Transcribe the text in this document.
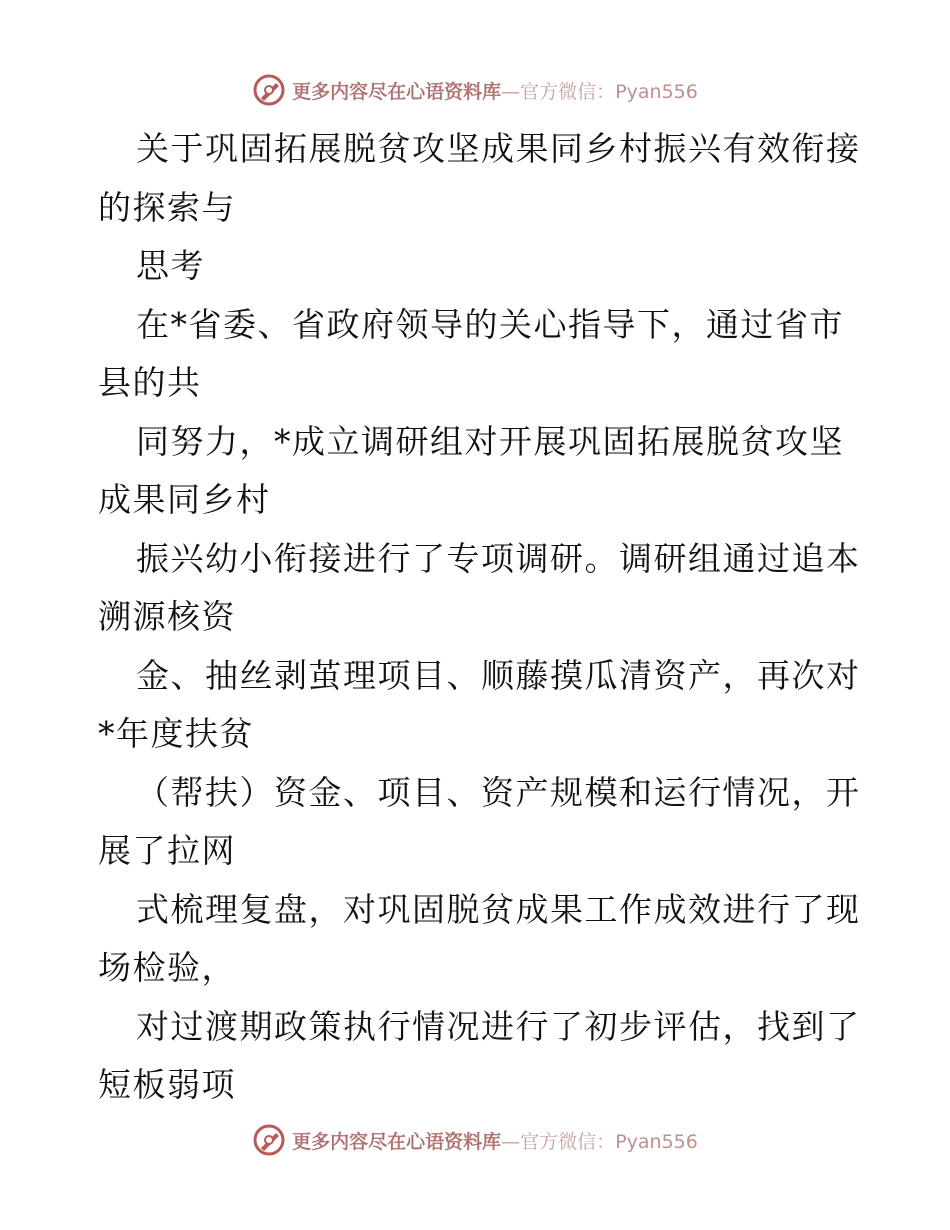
更多内容尽在心语资料库—官方微信：Pyan556
关于巩固拓展脱贫攻坚成果同乡村振兴有效衔接
的探索与
思考
在*省委、省政府领导的关心指导下，通过省市
县的共
同努力，*成立调研组对开展巩固拓展脱贫攻坚
成果同乡村
振兴幼小衔接进行了专项调研。调研组通过追本
溯源核资
金、抽丝剥茧理项目、顺藤摸瓜清资产，再次对
*年度扶贫
（帮扶）资金、项目、资产规模和运行情况，开
展了拉网
式梳理复盘，对巩固脱贫成果工作成效进行了现
场检验，
对过渡期政策执行情况进行了初步评估，找到了
短板弱项
更多内容尽在心语资料库—官方微信：Pyan556
